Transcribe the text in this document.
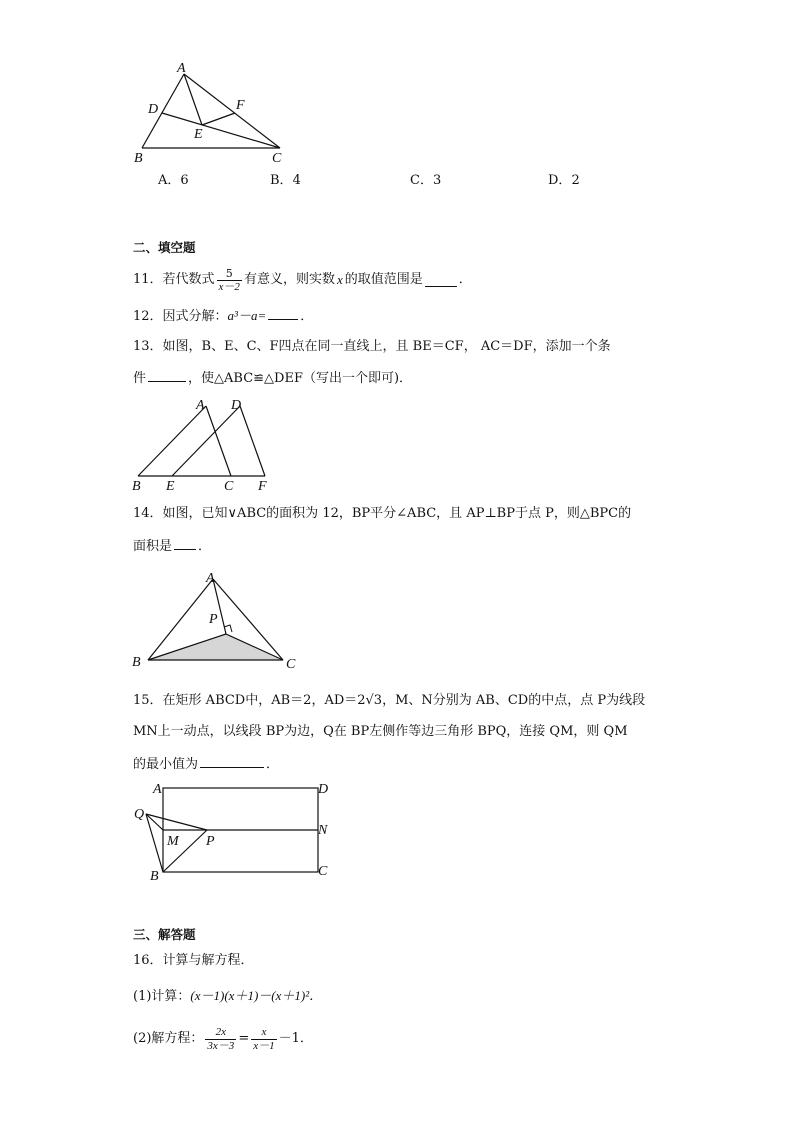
A
B	C
D
E
F
A．6	B．4	C．3	D．2
二、填空题
11．若代数式 $\frac{5}{x-2}$ 有意义，则实数 x 的取值范围是	．
12．因式分解：a³－a=	．
13．如图，B、E、C、F四点在同一直线上，且 BE＝CF， AC＝DF，添加一个条
件	，使△ABC≌△DEF（写出一个即可)．
A D
B E	C F
14．如图，已知∨ABC的面积为 12，BP平分∠ABC，且 AP⊥BP于点 P，则△BPC的
面积是 ．
A
P
B	C
15．在矩形 ABCD中，AB＝2，AD＝2√3，M、N分别为 AB、CD的中点，点 P为线段
MN上一动点，以线段 BP为边，Q在 BP左侧作等边三角形 BPQ，连接 QM，则 QM
的最小值为	．
A	D
Q
N
M P
B	C
三、解答题
16．计算与解方程．
(1)计算：(x－1)(x＋1)－(x＋1)²．
(2)解方程： $\frac{2x}{3x-3} = \frac{x}{x-1} -1$．
